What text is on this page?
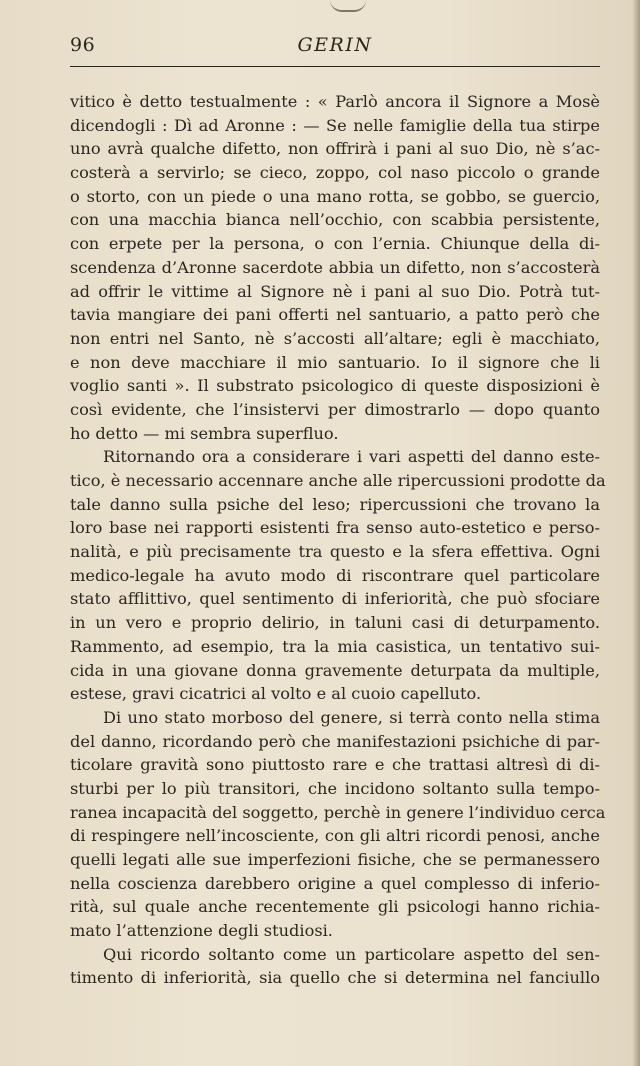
96	GERIN
vitico è detto testualmente : « Parlò ancora il Signore a Mosè
dicendogli : Dì ad Aronne : — Se nelle famiglie della tua stirpe
uno avrà qualche difetto, non offrirà i pani al suo Dio, nè s’ac-
costerà a servirlo; se cieco, zoppo, col naso piccolo o grande
o storto, con un piede o una mano rotta, se gobbo, se guercio,
con una macchia bianca nell’occhio, con scabbia persistente,
con erpete per la persona, o con l’ernia. Chiunque della di-
scendenza d’Aronne sacerdote abbia un difetto, non s’accosterà
ad offrir le vittime al Signore nè i pani al suo Dio. Potrà tut-
tavia mangiare dei pani offerti nel santuario, a patto però che
non entri nel Santo, nè s’accosti all’altare; egli è macchiato,
e non deve macchiare il mio santuario. Io il signore che li
voglio santi ». Il substrato psicologico di queste disposizioni è
così evidente, che l’insistervi per dimostrarlo — dopo quanto
ho detto — mi sembra superfluo.
Ritornando ora a considerare i vari aspetti del danno este-
tico, è necessario accennare anche alle ripercussioni prodotte da
tale danno sulla psiche del leso; ripercussioni che trovano la
loro base nei rapporti esistenti fra senso auto-estetico e perso-
nalità, e più precisamente tra questo e la sfera effettiva. Ogni
medico-legale ha avuto modo di riscontrare quel particolare
stato afflittivo, quel sentimento di inferiorità, che può sfociare
in un vero e proprio delirio, in taluni casi di deturpamento.
Rammento, ad esempio, tra la mia casistica, un tentativo sui-
cida in una giovane donna gravemente deturpata da multiple,
estese, gravi cicatrici al volto e al cuoio capelluto.
Di uno stato morboso del genere, si terrà conto nella stima
del danno, ricordando però che manifestazioni psichiche di par-
ticolare gravità sono piuttosto rare e che trattasi altresì di di-
sturbi per lo più transitori, che incidono soltanto sulla tempo-
ranea incapacità del soggetto, perchè in genere l’individuo cerca
di respingere nell’incosciente, con gli altri ricordi penosi, anche
quelli legati alle sue imperfezioni fisiche, che se permanessero
nella coscienza darebbero origine a quel complesso di inferio-
rità, sul quale anche recentemente gli psicologi hanno richia-
mato l’attenzione degli studiosi.
Qui ricordo soltanto come un particolare aspetto del sen-
timento di inferiorità, sia quello che si determina nel fanciullo
